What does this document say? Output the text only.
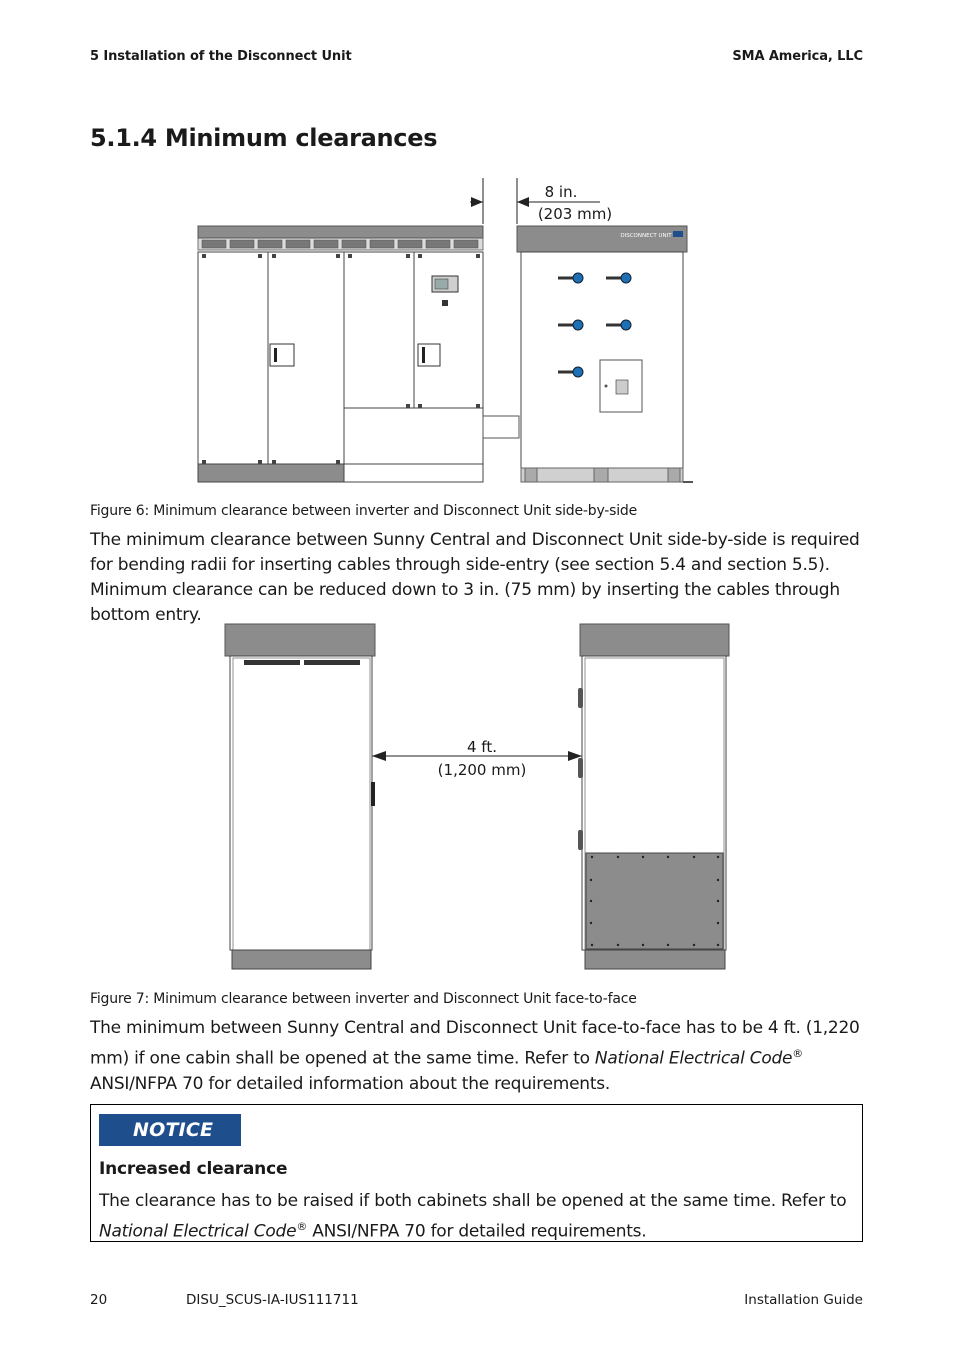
5 Installation of the Disconnect Unit	SMA America, LLC
5.1.4 Minimum clearances
8 in.
(203 mm)
DISCONNECT UNIT
Figure 6: Minimum clearance between inverter and Disconnect Unit side-by-side

The minimum clearance between Sunny Central and Disconnect Unit side-by-side is required for bending radii for inserting cables through side-entry (see section 5.4 and section 5.5). Minimum clearance can be reduced down to 3 in. (75 mm) by inserting the cables through bottom entry.

4 ft.
(1,200 mm)
Figure 7: Minimum clearance between inverter and Disconnect Unit face-to-face

The minimum between Sunny Central and Disconnect Unit face-to-face has to be 4 ft. (1,220 mm) if one cabin shall be opened at the same time. Refer to National Electrical Code® ANSI/NFPA 70 for detailed information about the requirements.

NOTICE
Increased clearance

The clearance has to be raised if both cabinets shall be opened at the same time. Refer to National Electrical Code® ANSI/NFPA 70 for detailed requirements.

20	DISU_SCUS-IA-IUS111711	Installation Guide
